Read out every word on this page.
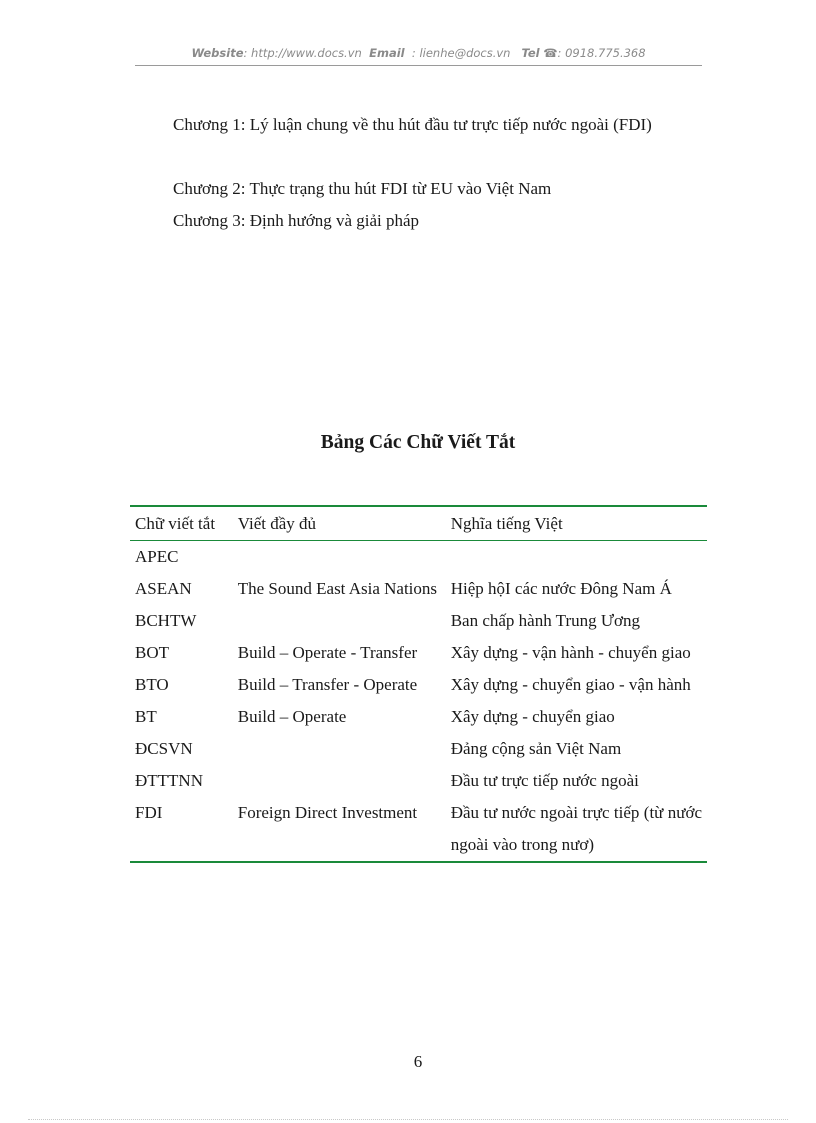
Website: http://www.docs.vn Email : lienhe@docs.vn Tel ☎: 0918.775.368
Chương 1: Lý luận chung về thu hút đầu tư trực tiếp nước ngoài (FDI)
Chương 2: Thực trạng thu hút FDI từ EU vào Việt Nam
Chương 3: Định hướng và giải pháp
Bảng Các Chữ Viết Tắt
Chữ viết tắt	Viết đầy đủ	Nghĩa tiếng Việt
APEC		
ASEAN	The Sound East Asia Nations	Hiệp hộI các nước Đông Nam Á
BCHTW		Ban chấp hành Trung Ương
BOT	Build – Operate - Transfer	Xây dựng - vận hành - chuyển giao
BTO	Build – Transfer - Operate	Xây dựng - chuyển giao - vận hành
BT	Build – Operate	Xây dựng - chuyển giao
ĐCSVN		Đảng cộng sản Việt Nam
ĐTTTNN		Đầu tư trực tiếp nước ngoài
FDI	Foreign Direct Investment	Đầu tư nước ngoài trực tiếp (từ nước ngoài vào trong nươ)
6
